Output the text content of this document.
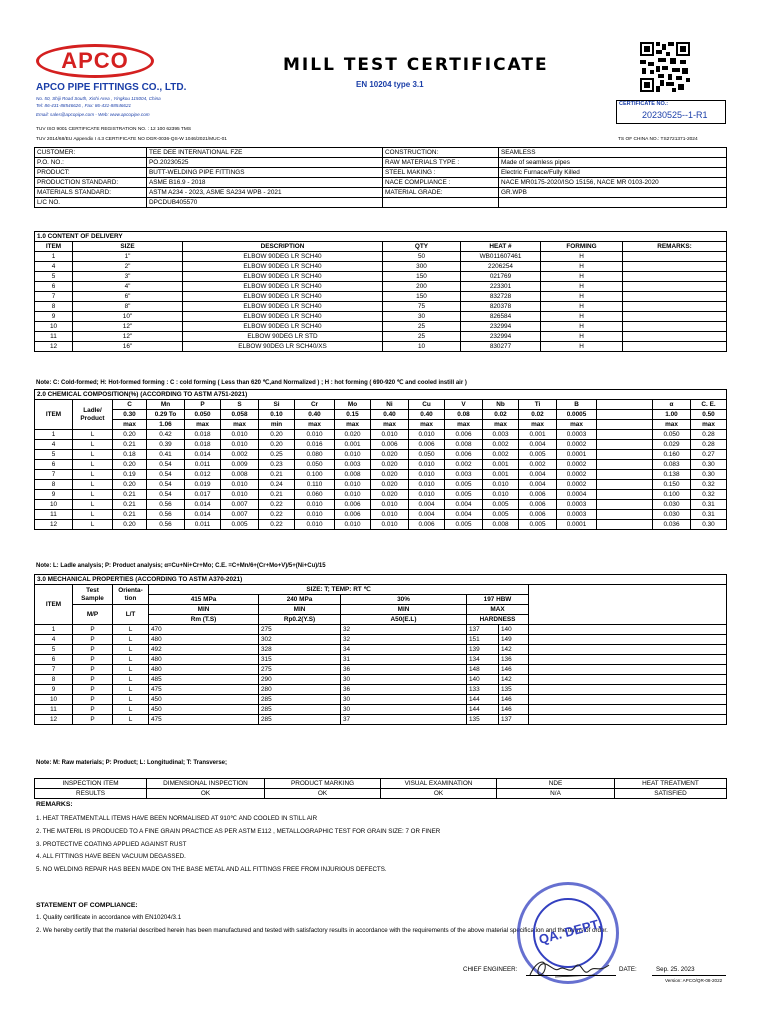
APCO
APCO PIPE FITTINGS CO., LTD.
No. 50, Shiji Road South, Xishi Area , Yingkou 115004, China
Tel: 86-431-88546626 , Fax: 86-431-88546621
Email: sales@apcopipe.com - Web: www.apcopipe.com
MILL TEST CERTIFICATE
EN 10204 type 3.1
CERTIFICATE NO.:
20230525--1-R1
TUV ISO 9001 CERTIFICATE REGISTRATION NO. : 12 100 62395 TMS
TUV 2014/68/EU Appendix I 4.3 CERTIFICATE NO DGR-0036-QS-W 1046/2021/MUC-01	TS OF CHINA NO.: TS2721371-2024
CUSTOMER:	TEE DEE INTERNATIONAL FZE	CONSTRUCTION:	SEAMLESS
P.O. NO.:	PO.20230525	RAW MATERIALS TYPE :	Made of seamless pipes
PRODUCT:	BUTT-WELDING PIPE FITTINGS	STEEL MAKING :	Electric Furnace/Fully Killed
PRODUCTION STANDARD:	ASME B16.9 - 2018	NACE COMPLIANCE :	NACE MR0175-2020/ISO 15156, NACE MR 0103-2020
MATERIALS STANDARD:	ASTM A234 - 2023, ASME SA234 WPB - 2021	MATERIAL GRADE:	GR.WPB
L/C NO.	DPCDUB405570		
1.0 CONTENT OF DELIVERY						
ITEM	SIZE	DESCRIPTION	QTY	HEAT #	FORMING	REMARKS:
1	1"	ELBOW 90DEG LR SCH40	50	WB011607461	H	
4	2"	ELBOW 90DEG LR SCH40	300	2206254	H	
5	3"	ELBOW 90DEG LR SCH40	150	021769	H	
6	4"	ELBOW 90DEG LR SCH40	200	223301	H	
7	6"	ELBOW 90DEG LR SCH40	150	832728	H	
8	8"	ELBOW 90DEG LR SCH40	75	820378	H	
9	10"	ELBOW 90DEG LR SCH40	30	826584	H	
10	12"	ELBOW 90DEG LR SCH40	25	232994	H	
11	12"	ELBOW 90DEG LR STD	25	232994	H	
12	16"	ELBOW 90DEG LR SCH40/XS	10	830277	H	
Note: C: Cold-formed; H: Hot-formed forming : C : cold forming ( Less than 620 ℃,and Normalized ) ; H : hot forming ( 690-920 ℃ and cooled instill air )
2.0 CHEMICAL COMPOSITION(%) (ACCORDING TO ASTM A751-2021)																	
ITEM	Ladle/ Product	C	Mn	P	S	Si	Cr	Mo	Ni	Cu	V	Nb	Ti	B		α	C. E.
		0.30	0.29 To	0.050	0.058	0.10	0.40	0.15	0.40	0.40	0.08	0.02	0.02	0.0005		1.00	0.50
		max	1.06	max	max	min	max	max	max	max	max	max	max	max		max	max
1	L	0.20	0.42	0.018	0.010	0.20	0.010	0.020	0.010	0.010	0.006	0.003	0.001	0.0003		0.050	0.28
4	L	0.21	0.39	0.018	0.010	0.20	0.016	0.001	0.006	0.006	0.008	0.002	0.004	0.0002		0.029	0.28
5	L	0.18	0.41	0.014	0.002	0.25	0.080	0.010	0.020	0.050	0.006	0.002	0.005	0.0001		0.160	0.27
6	L	0.20	0.54	0.011	0.009	0.23	0.050	0.003	0.020	0.010	0.002	0.001	0.002	0.0002		0.083	0.30
7	L	0.19	0.54	0.012	0.008	0.21	0.100	0.008	0.020	0.010	0.003	0.001	0.004	0.0002		0.138	0.30
8	L	0.20	0.54	0.019	0.010	0.24	0.110	0.010	0.020	0.010	0.005	0.010	0.004	0.0002		0.150	0.32
9	L	0.21	0.54	0.017	0.010	0.21	0.060	0.010	0.020	0.010	0.005	0.010	0.006	0.0004		0.100	0.32
10	L	0.21	0.56	0.014	0.007	0.22	0.010	0.006	0.010	0.004	0.004	0.005	0.006	0.0003		0.030	0.31
11	L	0.21	0.56	0.014	0.007	0.22	0.010	0.006	0.010	0.004	0.004	0.005	0.006	0.0003		0.030	0.31
12	L	0.20	0.56	0.011	0.005	0.22	0.010	0.010	0.010	0.006	0.005	0.008	0.005	0.0001		0.036	0.30
Note: L: Ladle analysis; P: Product analysis; α=Cu+Ni+Cr+Mo; C.E. =C+Mn/6+(Cr+Mo+V)/5+(Ni+Cu)/15
3.0 MECHANICAL PROPERTIES (ACCORDING TO ASTM A370-2021)								
ITEM	Test Sample	Orienta- tion	SIZE: T; TEMP: RT ℃					
			415 MPa	240 MPa	30%	197 HBW		
	M/P	L/T	MIN	MIN	MIN	MAX		
			Rm (T.S)	Rp0.2(Y.S)	A50(E.L)	HARDNESS		
1	P	L	470	275	32	137	140	
4	P	L	480	302	32	151	149	
5	P	L	492	328	34	139	142	
6	P	L	480	315	31	134	136	
7	P	L	480	275	36	148	146	
8	P	L	485	290	30	140	142	
9	P	L	475	280	36	133	135	
10	P	L	450	285	30	144	146	
11	P	L	450	285	30	144	146	
12	P	L	475	285	37	135	137	
Note: M: Raw materials; P: Product; L: Longitudinal; T: Transverse;
INSPECTION ITEM	DIMENSIONAL INSPECTION	PRODUCT MARKING	VISUAL EXAMINATION	NDE	HEAT TREATMENT
RESULTS	OK	OK	OK	N/A	SATISFIED
REMARKS:
1. HEAT TREATMENT:ALL ITEMS HAVE BEEN NORMALISED AT 910℃ AND COOLED IN STILL AIR
2. THE MATERIL IS PRODUCED TO A FINE GRAIN PRACTICE AS PER ASTM E112 , METALLOGRAPHIC TEST FOR GRAIN SIZE: 7 OR FINER
3. PROTECTIVE COATING APPLIED AGAINST RUST
4. ALL FITTINGS HAVE BEEN VACUUM DEGASSED.
5. NO WELDING REPAIR HAS BEEN MADE ON THE BASE METAL AND ALL FITTINGS FREE FROM INJURIOUS DEFECTS.
STATEMENT OF COMPLIANCE:
1. Quality certificate in accordance with EN10204/3.1
2. We hereby certify that the material described herein has been manufactured and tested with satisfactory results in accordance with the requirements of the above material specification and the terms of order.
QA. DEPT.
CHIEF ENGINEER:	DATE:	Sep. 25. 2023
Version: APCO/QR-08-2022
